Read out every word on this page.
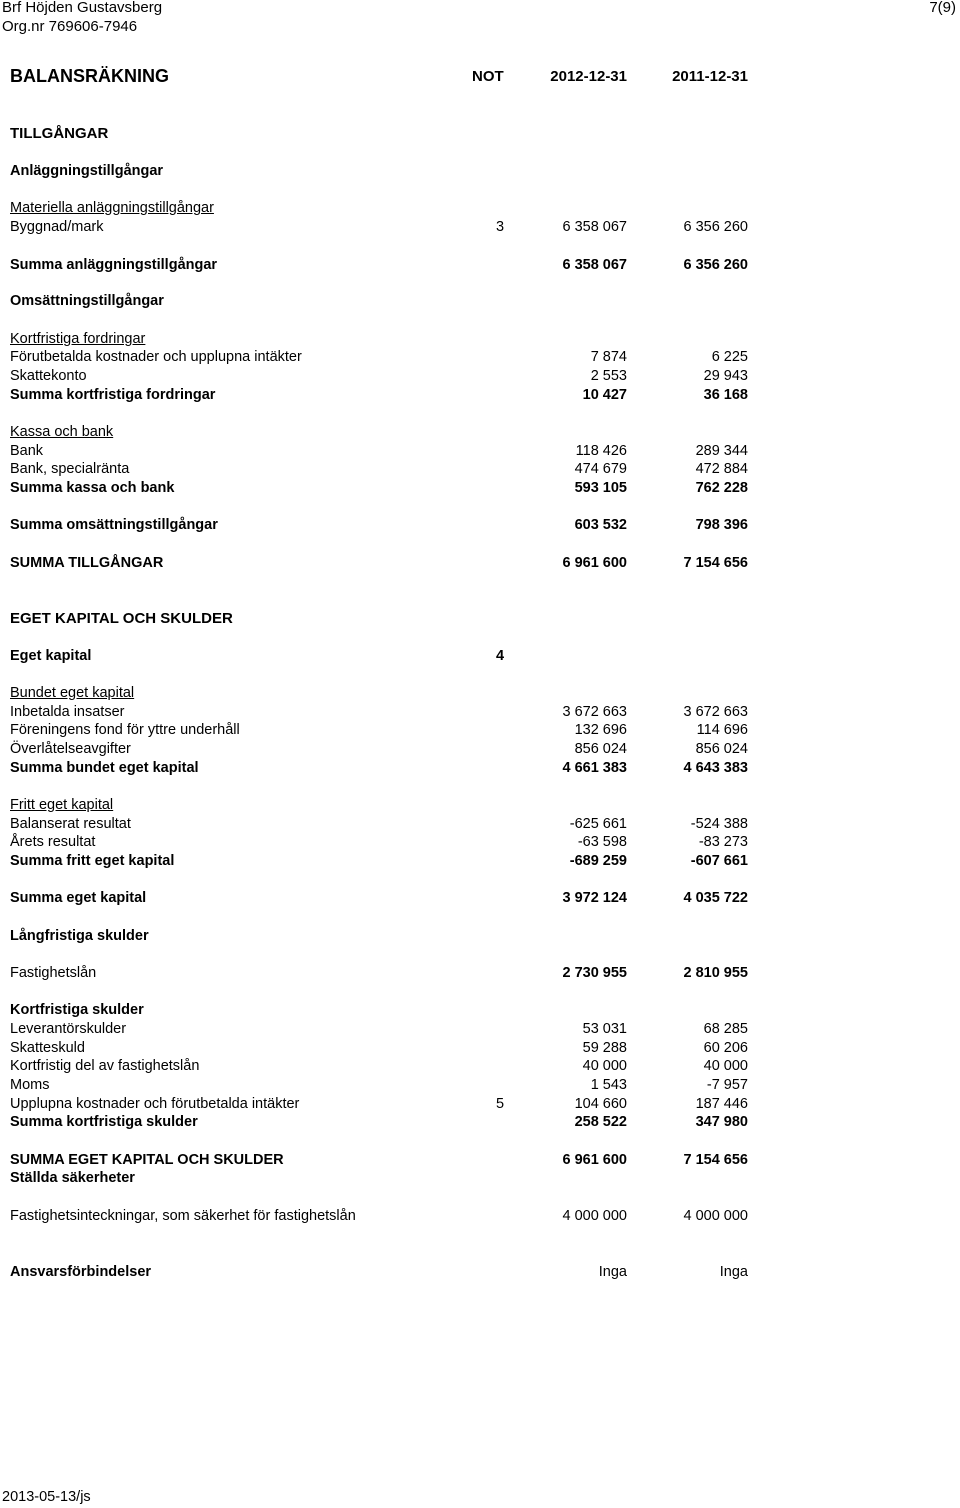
Brf Höjden Gustavsberg
Org.nr 769606-7946
7(9)
BALANSRÄKNING	NOT	2012-12-31	2011-12-31
TILLGÅNGAR
Anläggningstillgångar
Materiella anläggningstillgångar
Byggnad/mark	3	6 358 067	6 356 260
Summa anläggningstillgångar	6 358 067	6 356 260
Omsättningstillgångar
Kortfristiga fordringar
Förutbetalda kostnader och upplupna intäkter	7 874	6 225
Skattekonto	2 553	29 943
Summa kortfristiga fordringar	10 427	36 168
Kassa och bank
Bank	118 426	289 344
Bank, specialränta	474 679	472 884
Summa kassa och bank	593 105	762 228
Summa omsättningstillgångar	603 532	798 396
SUMMA TILLGÅNGAR	6 961 600	7 154 656
EGET KAPITAL OCH SKULDER
Eget kapital	4
Bundet eget kapital
Inbetalda insatser	3 672 663	3 672 663
Föreningens fond för yttre underhåll	132 696	114 696
Överlåtelseavgifter	856 024	856 024
Summa bundet eget kapital	4 661 383	4 643 383
Fritt eget kapital
Balanserat resultat	-625 661	-524 388
Årets resultat	-63 598	-83 273
Summa fritt eget kapital	-689 259	-607 661
Summa eget kapital	3 972 124	4 035 722
Långfristiga skulder
Fastighetslån	2 730 955	2 810 955
Kortfristiga skulder
Leverantörskulder	53 031	68 285
Skatteskuld	59 288	60 206
Kortfristig del av fastighetslån	40 000	40 000
Moms	1 543	-7 957
Upplupna kostnader och förutbetalda intäkter	5	104 660	187 446
Summa kortfristiga skulder	258 522	347 980
SUMMA EGET KAPITAL OCH SKULDER	6 961 600	7 154 656
Ställda säkerheter
Fastighetsinteckningar, som säkerhet för fastighetslån	4 000 000	4 000 000
Ansvarsförbindelser	Inga	Inga
2013-05-13/js
